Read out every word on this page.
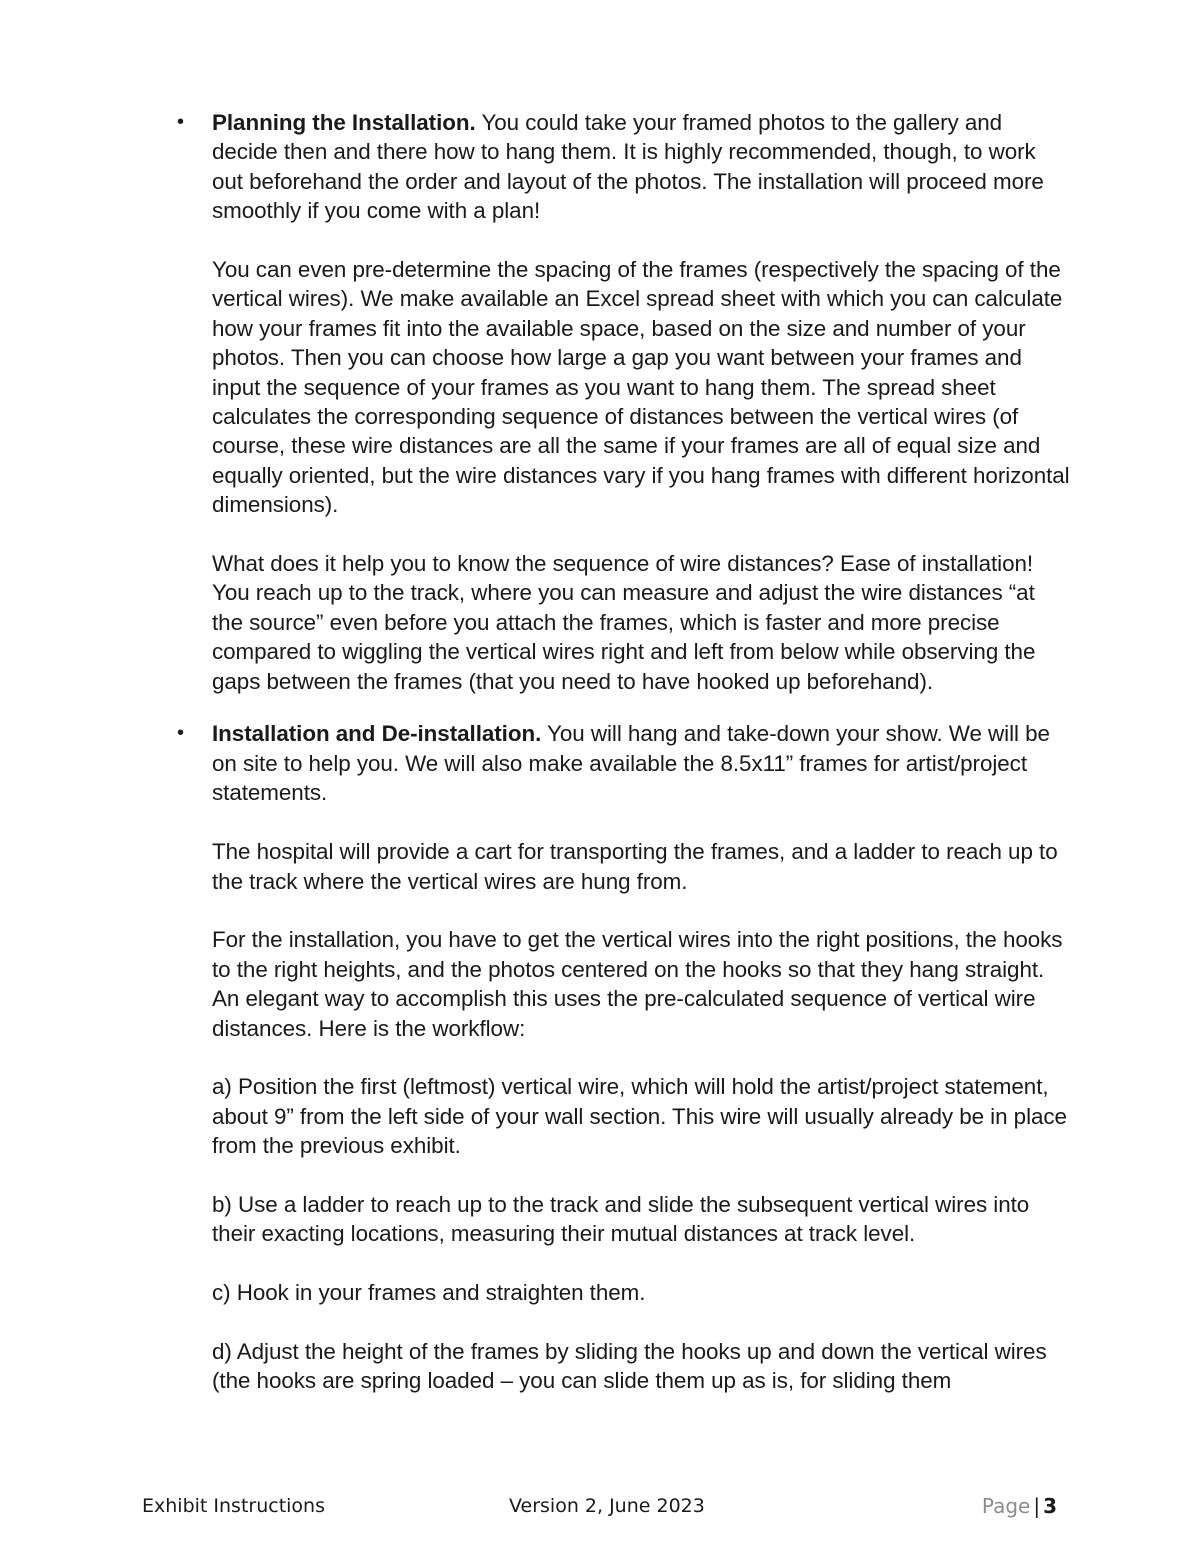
• Planning the Installation. You could take your framed photos to the gallery and decide then and there how to hang them. It is highly recommended, though, to work out beforehand the order and layout of the photos. The installation will proceed more smoothly if you come with a plan!

You can even pre-determine the spacing of the frames (respectively the spacing of the vertical wires). We make available an Excel spread sheet with which you can calculate how your frames fit into the available space, based on the size and number of your photos. Then you can choose how large a gap you want between your frames and input the sequence of your frames as you want to hang them. The spread sheet calculates the corresponding sequence of distances between the vertical wires (of course, these wire distances are all the same if your frames are all of equal size and equally oriented, but the wire distances vary if you hang frames with different horizontal dimensions).

What does it help you to know the sequence of wire distances? Ease of installation! You reach up to the track, where you can measure and adjust the wire distances “at the source” even before you attach the frames, which is faster and more precise compared to wiggling the vertical wires right and left from below while observing the gaps between the frames (that you need to have hooked up beforehand).

• Installation and De-installation. You will hang and take-down your show. We will be on site to help you. We will also make available the 8.5x11” frames for artist/project statements.

The hospital will provide a cart for transporting the frames, and a ladder to reach up to the track where the vertical wires are hung from.

For the installation, you have to get the vertical wires into the right positions, the hooks to the right heights, and the photos centered on the hooks so that they hang straight. An elegant way to accomplish this uses the pre-calculated sequence of vertical wire distances. Here is the workflow:

a) Position the first (leftmost) vertical wire, which will hold the artist/project statement, about 9” from the left side of your wall section. This wire will usually already be in place from the previous exhibit.

b) Use a ladder to reach up to the track and slide the subsequent vertical wires into their exacting locations, measuring their mutual distances at track level.

c) Hook in your frames and straighten them.

d) Adjust the height of the frames by sliding the hooks up and down the vertical wires (the hooks are spring loaded – you can slide them up as is, for sliding them

Exhibit Instructions	Version 2, June 2023	Page | 3
